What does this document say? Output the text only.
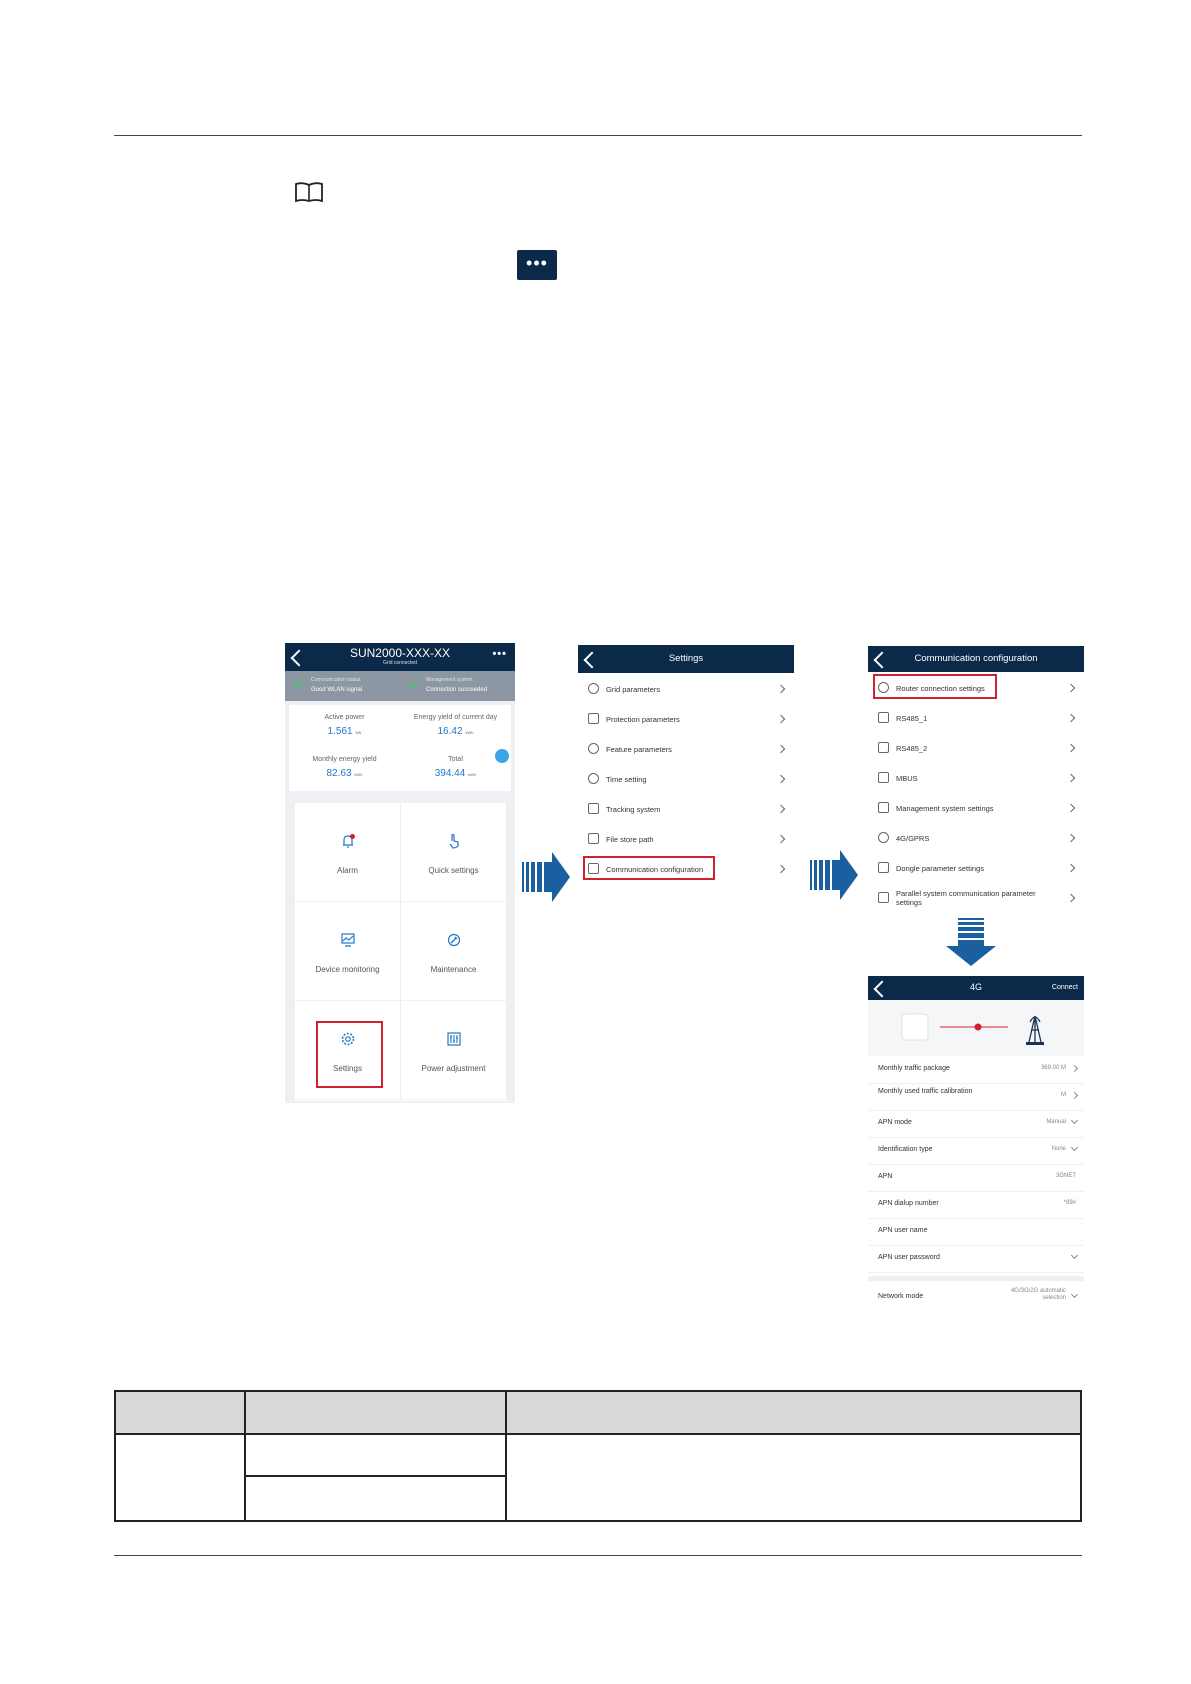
•••
SUN2000-XXX-XX
Grid connected
•••
Communication status
Good WLAN signal
Management system
Connection succeeded
Active power
1.561 kW
Energy yield of current day
16.42 kWh
Monthly energy yield
82.63 kWh
Total
394.44 kWh
Alarm	Quick settings
Device monitoring	Maintenance
Settings	Power adjustment
Settings
Grid parameters
Protection parameters
Feature parameters
Time setting
Tracking system
File store path
Communication configuration
Communication configuration
Router connection settings
RS485_1
RS485_2
MBUS
Management system settings
4G/GPRS
Dongle parameter settings
Parallel system communication parameter settings
4G	Connect
Monthly traffic package	369.00 M
Monthly used traffic calibration	M
APN mode	Manual
Identification type	None
APN	3GNET
APN dialup number	*99#
APN user name
APN user password
Network mode
4G/3G/2G automatic selection
